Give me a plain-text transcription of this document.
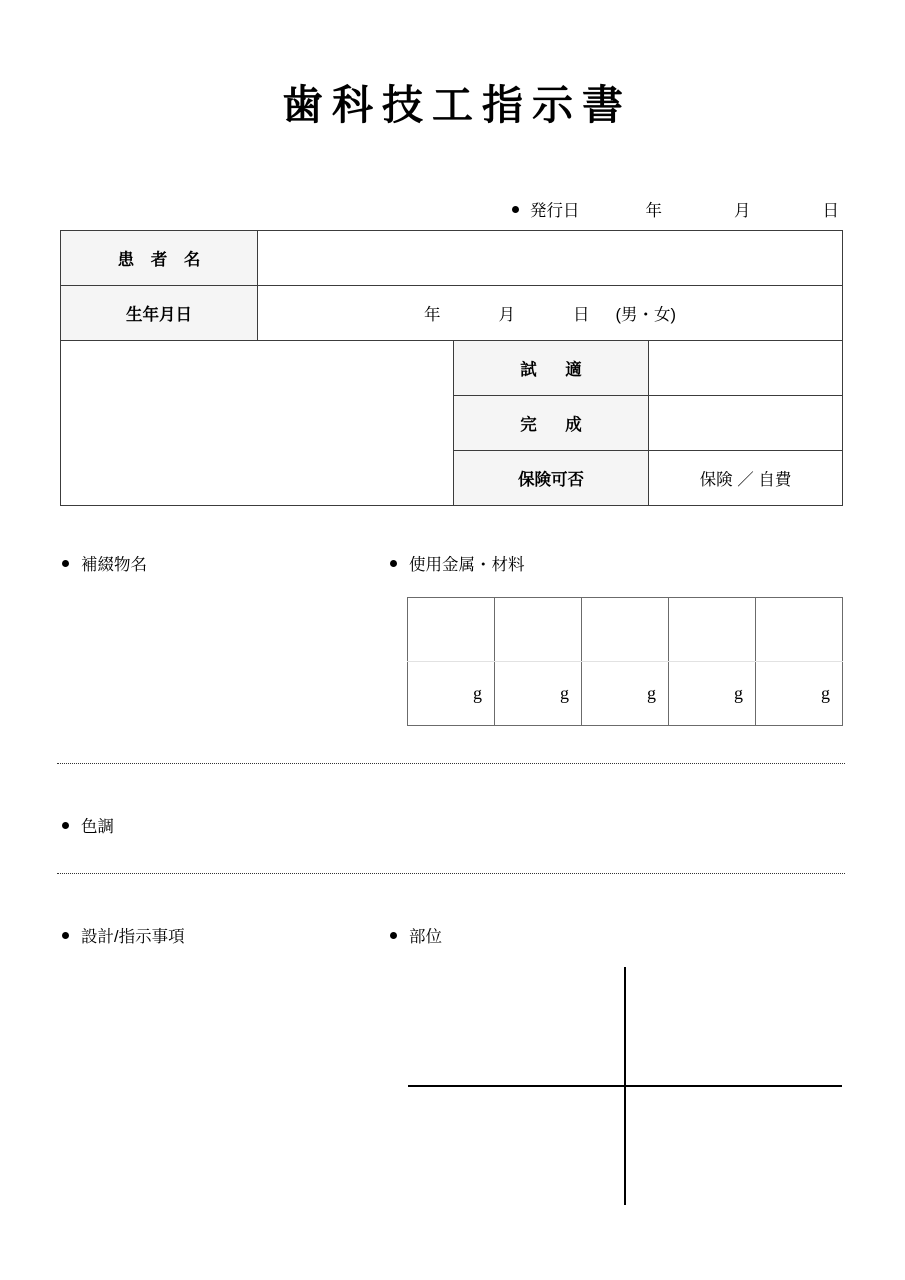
歯科技工指示書
発行日	年	月	日
患 者 名			
生年月日	年 月 日 (男・女)		

		試　適	
		完　成	
		保険可否	保険 ／ 自費
補綴物名	使用金属・材料

g	g	g	g	g
色調
設計/指示事項	部位
